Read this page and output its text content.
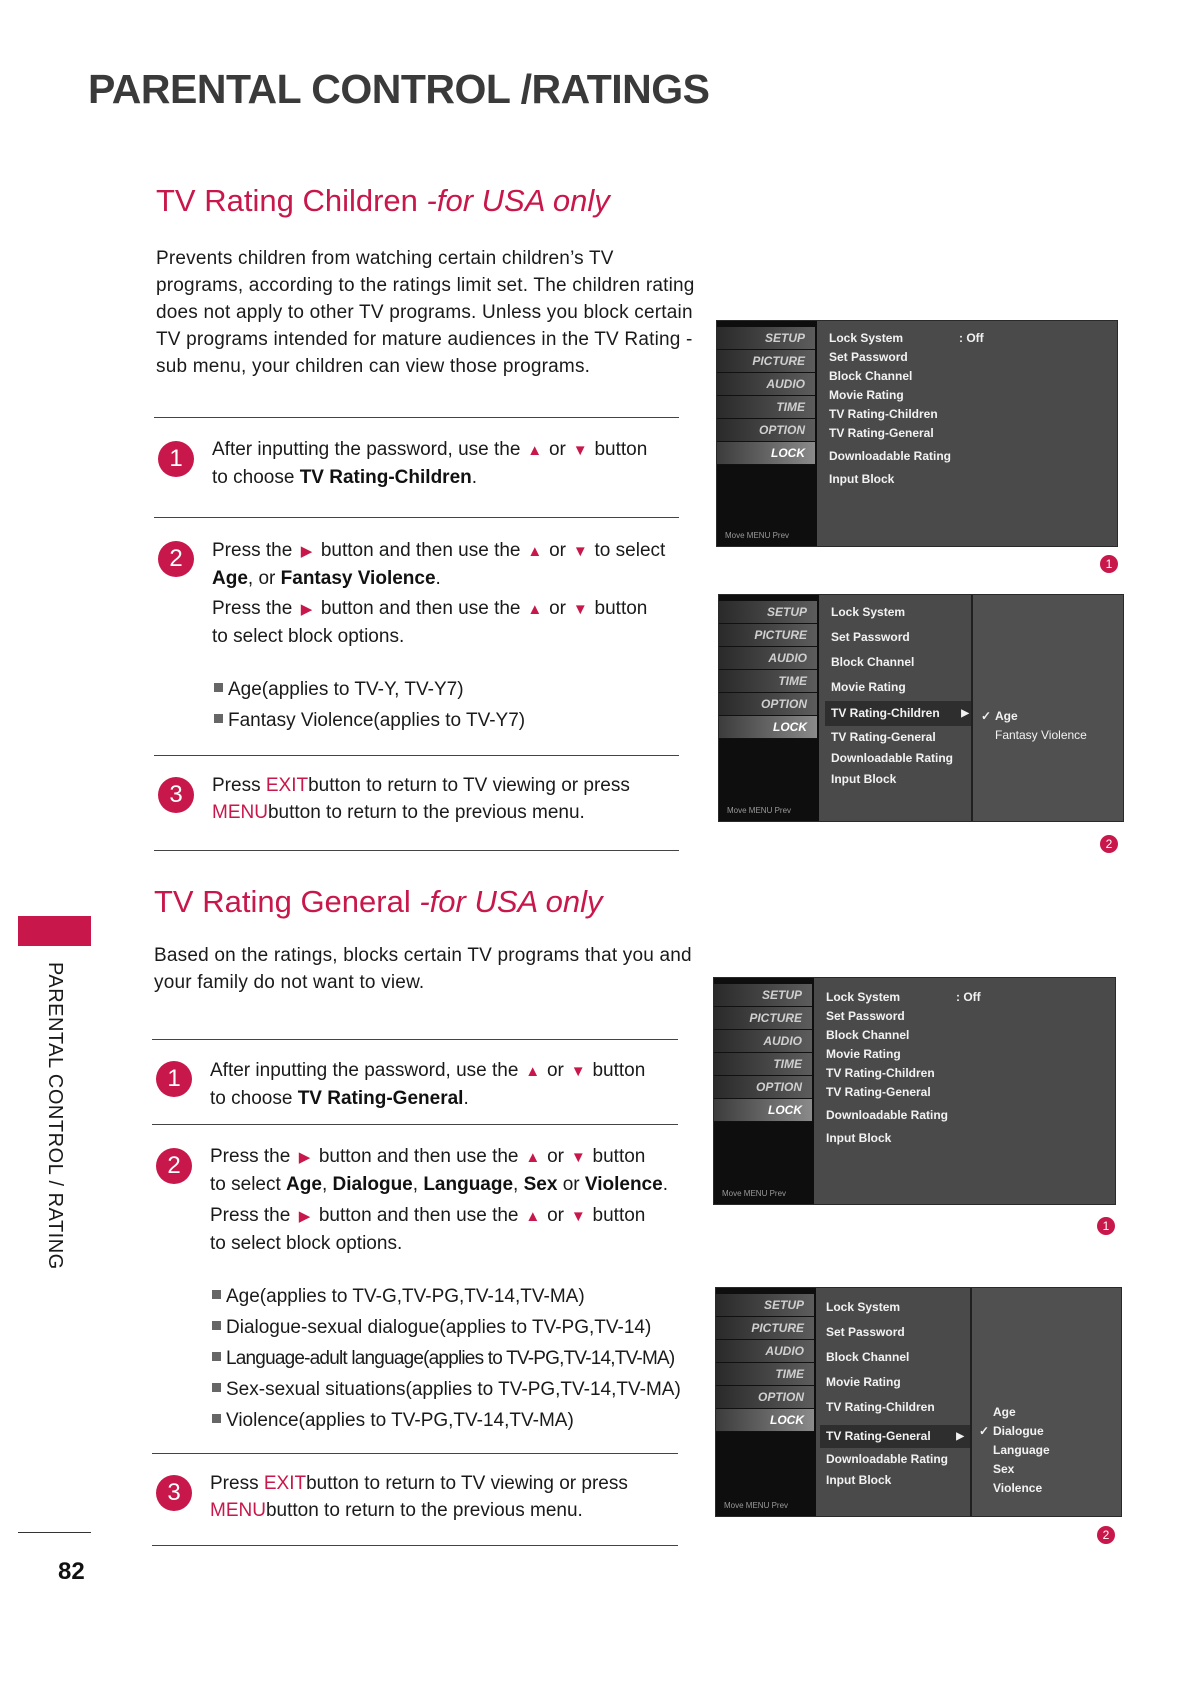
PARENTAL CONTROL /RATINGS
TV Rating Children -for USA only
Prevents children from watching certain children’s TV programs, according to the ratings limit set. The children rating does not apply to other TV programs. Unless you block certain TV programs intended for mature audiences in the TV Rating - sub menu, your children can view those programs.
1	After inputting the password, use the ▲ or ▼ button
to choose TV Rating-Children.
2	Press the ▶ button and then use the ▲ or ▼ to select
Age, or Fantasy Violence.
Press the ▶ button and then use the ▲ or ▼ button
to select block options.
Age(applies to TV-Y, TV-Y7)
Fantasy Violence(applies to TV-Y7)
3	Press EXITbutton to return to TV viewing or press
MENUbutton to return to the previous menu.
TV Rating General -for USA only
Based on the ratings, blocks certain TV programs that you and your family do not want to view.
1	After inputting the password, use the ▲ or ▼ button
to choose TV Rating-General.
2	Press the ▶ button and then use the ▲ or ▼ button
to select Age, Dialogue, Language, Sex or Violence.
Press the ▶ button and then use the ▲ or ▼ button
to select block options.
Age(applies to TV-G,TV-PG,TV-14,TV-MA)
Dialogue-sexual dialogue(applies to TV-PG,TV-14)
Language-adult language(applies to TV-PG,TV-14,TV-MA)
Sex-sexual situations(applies to TV-PG,TV-14,TV-MA)
Violence(applies to TV-PG,TV-14,TV-MA)
3	Press EXITbutton to return to TV viewing or press
MENUbutton to return to the previous menu.
PARENTAL CONTROL / RATING
82
SETUP
PICTURE
AUDIO
TIME
OPTION
LOCK
Move MENU Prev
Lock System	: Off
Set Password
Block Channel
Movie Rating
TV Rating-Children
TV Rating-General
Downloadable Rating
Input Block
1
SETUP
PICTURE
AUDIO
TIME
OPTION
LOCK
Move MENU Prev
Lock System
Set Password
Block Channel
Movie Rating
TV Rating-Children ▶
TV Rating-General
Downloadable Rating
Input Block
✓ Age
Fantasy Violence
2
SETUP
PICTURE
AUDIO
TIME
OPTION
LOCK
Move MENU Prev
Lock System	: Off
Set Password
Block Channel
Movie Rating
TV Rating-Children
TV Rating-General
Downloadable Rating
Input Block
1
SETUP
PICTURE
AUDIO
TIME
OPTION
LOCK
Move MENU Prev
Lock System
Set Password
Block Channel
Movie Rating
TV Rating-Children
TV Rating-General	▶
Downloadable Rating
Input Block
Age
✓ Dialogue
Language
Sex
Violence
2
